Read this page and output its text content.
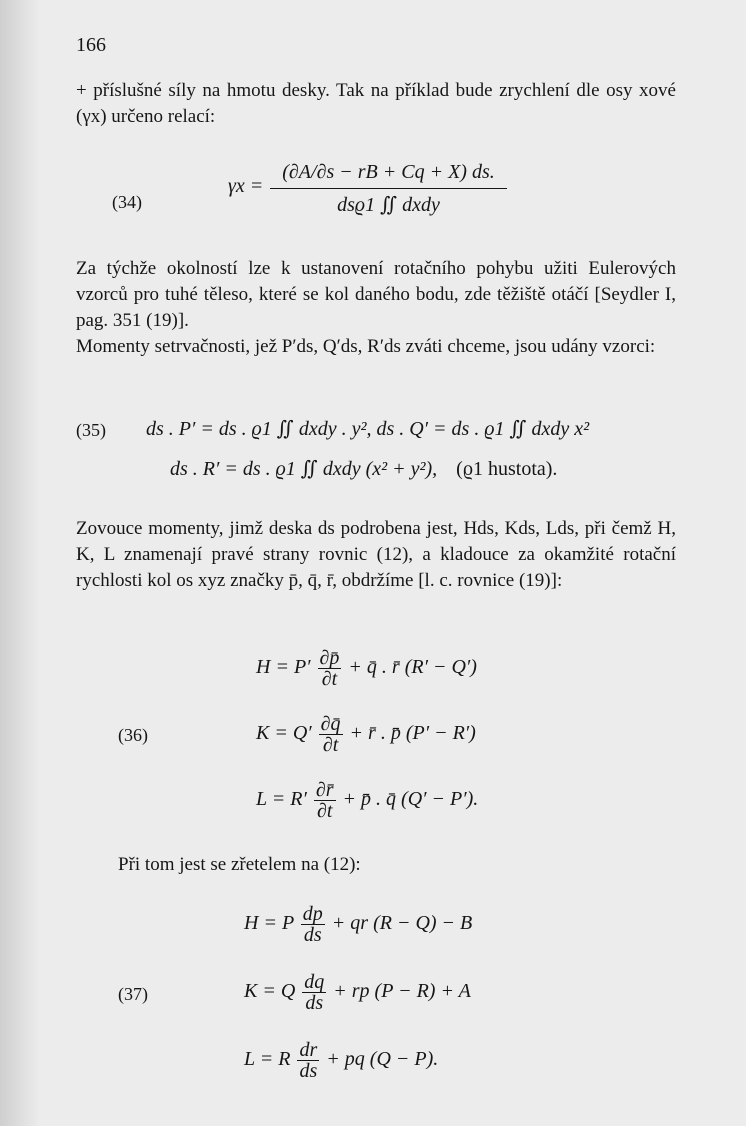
166
+ příslušné síly na hmotu desky. Tak na příklad bude zrychlení dle osy xové (γx) určeno relací:
(34)
$\gamma x = \frac{(\partial A/\partial s - rB + Cq + X) ds.}{\text{dsϱ1 ∬ dxdy}}$
Za týchže okolností lze k ustanovení rotačního pohybu užiti Eulerových vzorců pro tuhé těleso, které se kol daného bodu, zde těžiště otáčí [Seydler I, pag. 351 (19)].
Momenty setrvačnosti, jež P′ds, Q′ds, R′ds zváti chceme, jsou udány vzorci:
(35) ds . P′ = ds . ϱ1 ∬ dxdy . y², ds . Q′ = ds . ϱ1 ∬ dxdy x²
ds . R′ = ds . ϱ1 ∬ dxdy (x² + y²), (ϱ1 hustota).
Zovouce momenty, jimž deska ds podrobena jest, Hds, Kds, Lds, při čemž H, K, L znamenají pravé strany rovnic (12), a kladouce za okamžité rotační rychlosti kol os xyz značky p̄, q̄, r̄, obdržíme [l. c. rovnice (19)]:
(36)
$H = P' \frac{\partial p̄}{\partial t}$ + q̄ . r̄ (R′ − Q′)
$K = Q' \frac{\partial q̄}{\partial t}$ + r̄ . p̄ (P′ − R′)
$L = R' \frac{\partial r̄}{\partial t}$ + p̄ . q̄ (Q′ − P′).
Při tom jest se zřetelem na (12):
(37)
H = P $\frac{dp}{ds}$ + qr (R − Q) − B
K = Q $\frac{dq}{ds}$ + rp (P − R) + A
L = R $\frac{dr}{ds}$ + pq (Q − P).
